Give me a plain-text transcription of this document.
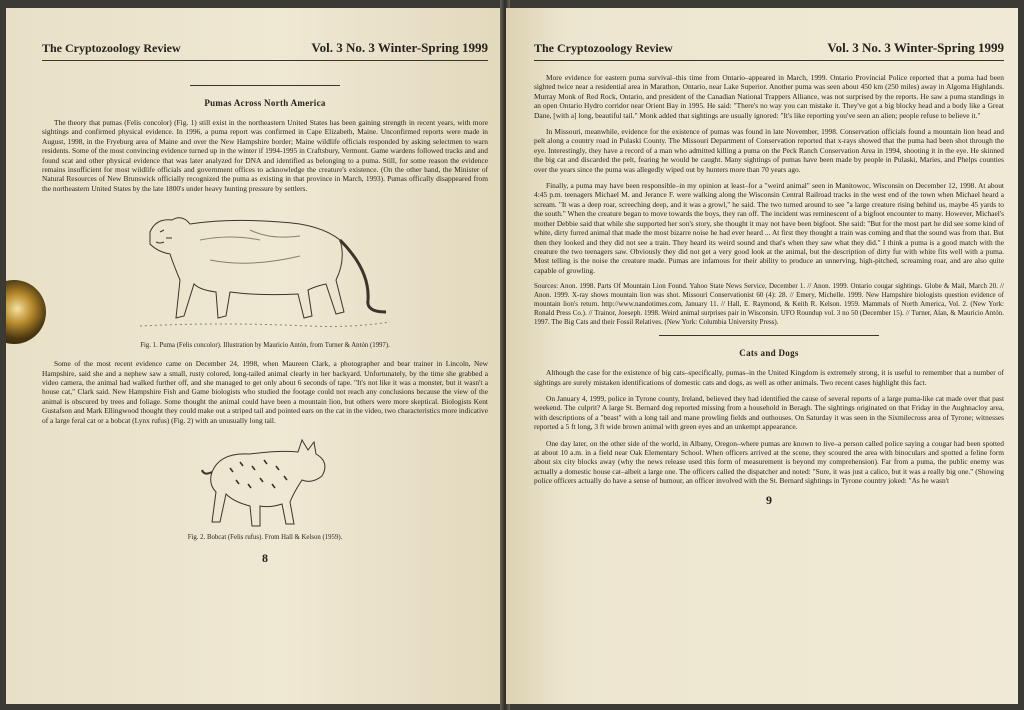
The Cryptozoology Review	Vol. 3 No. 3 Winter-Spring 1999
Pumas Across North America

The theory that pumas (Felis concolor) (Fig. 1) still exist in the northeastern United States has been gaining strength in recent years, with more sightings and confirmed physical evidence. In 1996, a puma report was confirmed in Cape Elizabeth, Maine. Unconfirmed reports were made in August, 1998, in the Fryeburg area of Maine and over the New Hampshire border; Maine wildlife officials responded by asking selectmen to warn residents. Some of the most convincing evidence turned up in the winter if 1994-1995 in Craftsbury, Vermont. Game wardens followed tracks and and found scat and other physical evidence that was later analyzed for DNA and identified as belonging to a puma. Still, for some reason the evidence remains insufficient for most wildlife officials and government offices to acknowledge the creature's existence. (On the other hand, the Minister of Natural Resources of New Brunswick officially recognized the puma as existing in that province in March, 1993). Pumas offically disappeared from the northeastern United States by the late 1800's under heavy hunting pressure by settlers.

Fig. 1. Puma (Felis concolor). Illustration by Mauricio Antón, from Turner & Antón (1997).

Some of the most recent evidence came on December 24, 1998, when Maureen Clark, a photographer and bear trainer in Lincoln, New Hampshire, said she and a nephew saw a small, rusty colored, long-tailed animal clearly in her backyard. Unfortunately, by the time she grabbed a video camera, the animal had walked further off, and she managed to get only about 6 seconds of tape. "It's not like it was a monster, but it wasn't a house cat," Clark said. New Hampshire Fish and Game biologists who studied the footage could not reach any conclusions because the view of the animal is obscured by trees and foliage. Some thought the animal could have been a mountain lion, but others were more skeptical. Biologists Kent Gustafson and Mark Ellingwood thought they could make out a striped tail and pointed ears on the cat in the video, two characteristics more indicative of a large feral cat or a bobcat (Lynx rufus) (Fig. 2) with an unusually long tail.

Fig. 2. Bobcat (Felis rufus). From Hall & Kelson (1959).
8
The Cryptozoology Review	Vol. 3 No. 3 Winter-Spring 1999

More evidence for eastern puma survival–this time from Ontario–appeared in March, 1999. Ontario Provincial Police reported that a puma had been sighted twice near a residential area in Marathon, Ontario, near Lake Superior. Another puma was seen about 450 km (250 miles) away in Algoma Highlands. Murray Monk of Red Rock, Ontario, and president of the Canadian National Trappers Alliance, was not surprised by the reports. He saw a puma standings in an open Ontario Hydro corridor near Orient Bay in 1995. He said: "There's no way you can mistake it. They've got a big blocky head and a body like a Great Dane, [with a] long, beautiful tail." Monk added that sightings are usually ignored: "It's like reporting you've seen an alien; people refuse to believe it."

In Missouri, meanwhile, evidence for the existence of pumas was found in late November, 1998. Conservation officials found a mountain lion head and pelt along a country road in Pulaski County. The Missouri Department of Conservation reported that x-rays showed that the puma had been shot through the eye. Interestingly, they have a record of a man who admitted killing a puma on the Peck Ranch Conservation Area in 1994, shooting it in the eye. He skinned the big cat and discarded the pelt, fearing he would be caught. Many sightings of pumas have been made by people in Pulaski, Maries, and Phelps counties over the years since the puma was allegedly wiped out by hunters more than 70 years ago.

Finally, a puma may have been responsible–in my opinion at least–for a "weird animal" seen in Manitowoc, Wisconsin on December 12, 1998. At about 4:45 p.m. teenagers Michael M. and Jerance F. were walking along the Wisconsin Central Railroad tracks in the west end of the town when Michael heard a scream. "It was a deep roar, screeching deep, and it was a growl," he said. The two turned around to see "a large creature rising behind us, maybe 45 yards to the south." When the creature began to move towards the boys, they ran off. The incident was reminescent of a bigfoot encounter to many. However, Michael's mother Debbie said that while she supported her son's story, she thought it may not have been bigfoot. She said: "But for the most part he did see some kind of white, dirty furred animal that made the most bizarre noise he had ever heard ... At first they thought a train was coming and that the sound was from that. But then they looked and they did not see a train. They heard its weird sound and that's when they saw what they did." I think a puma is a good match with the creature the two teenagers saw. Obviously they did not get a very good look at the animal, but the description of dirty fur with white fits well with a puma. Most telling is the noise the creature made. Pumas are infamous for their ability to produce an unnerving, high-pitched, screaming roar, and are also quite capable of growling.

Sources: Anon. 1998. Parts Of Mountain Lion Found. Yahoo State News Service, December 1. // Anon. 1999. Ontario cougar sightings. Globe & Mail, March 20. // Anon. 1999. X-ray shows mountain lion was shot. Missouri Conservationist 60 (4): 28. // Emery, Michelle. 1999. New Hampshire biologists question evidence of mountain lion's return. http://www.nandotimes.com, January 11. // Hall, E. Raymond, & Keith R. Kelson. 1959. Mammals of North America, Vol. 2. (New York: Ronald Press Co.). // Trainor, Joeseph. 1998. Weird animal surprises pair in Wisconsin. UFO Roundup vol. 3 no 50 (December 15). // Turner, Alan, & Mauricio Antón. 1997. The Big Cats and their Fossil Relatives. (New York: Columbia University Press).

Cats and Dogs

Although the case for the existence of big cats–specifically, pumas–in the United Kingdom is extremely strong, it is useful to remember that a number of sightings are surely mistaken identifications of domestic cats and dogs, as well as other animals. Two recent cases highlight this fact.

On January 4, 1999, police in Tyrone county, Ireland, believed they had identified the cause of several reports of a large puma-like cat made over that past weekend. The culprit? A large St. Bernard dog reported missing from a household in Beragh. The sightings originated on that Friday in the Aughnacloy area, with descriptions of a "beast" with a long tail and mane prowling fields and outhouses. On Saturday it was seen in the Sixmilecross area of Tyrone; witnesses reported a 5 ft long, 3 ft wide brown animal with green eyes and an unkempt appearance.

One day later, on the other side of the world, in Albany, Oregon–where pumas are known to live–a person called police saying a cougar had been spotted at about 10 a.m. in a field near Oak Elementary School. When officers arrived at the scene, they scoured the area with binoculars and spotted a feline form about six city blocks away (why the news release used this form of measurement is beyond my comprehension). Far from a puma, the public enemy was actually a domestic house cat–albeit a large one. The officers called the dispatcher and noted: "Sure, it was just a calico, but it was a really big one." (Showing police officers actually do have a sense of humour, an officer involved with the St. Bernard sightings in Tyrone country joked: "As he wasn't

9
